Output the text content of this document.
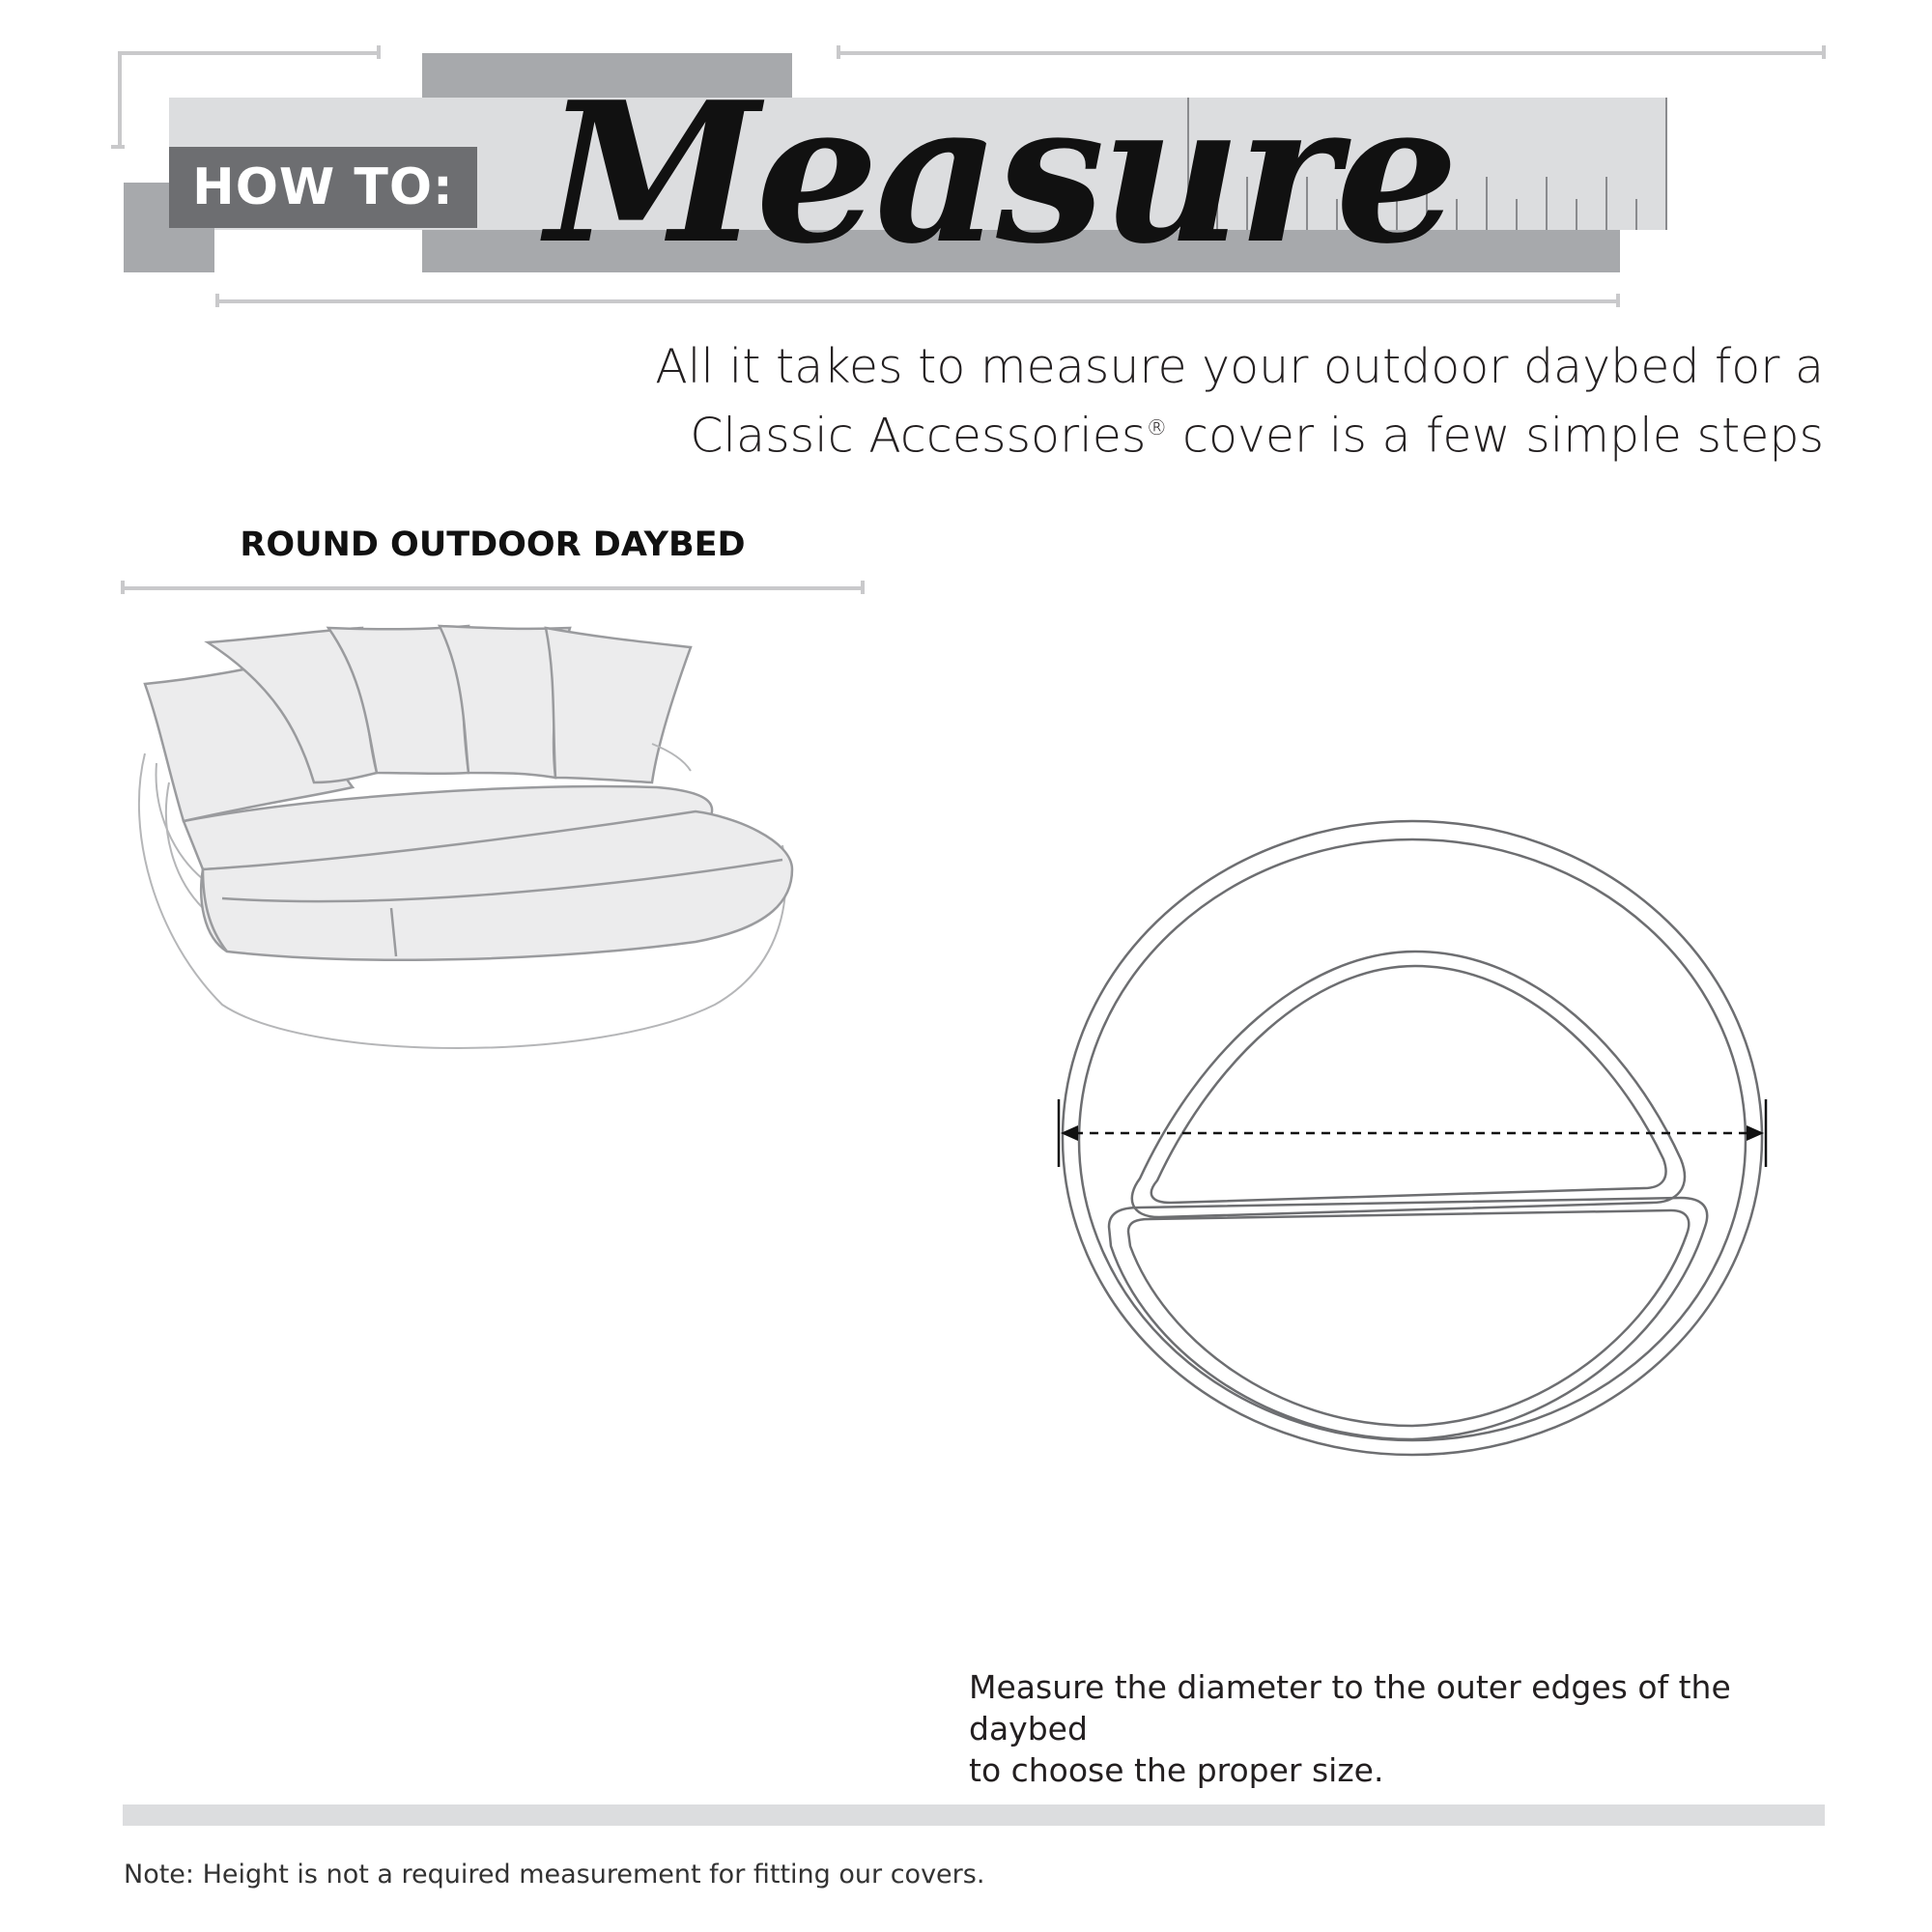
HOW TO: Measure
All it takes to measure your outdoor daybed for a
Classic Accessories® cover is a few simple steps
ROUND OUTDOOR DAYBED
Measure the diameter to the outer edges of the daybed
to choose the proper size.
Note: Height is not a required measurement for fitting our covers.
